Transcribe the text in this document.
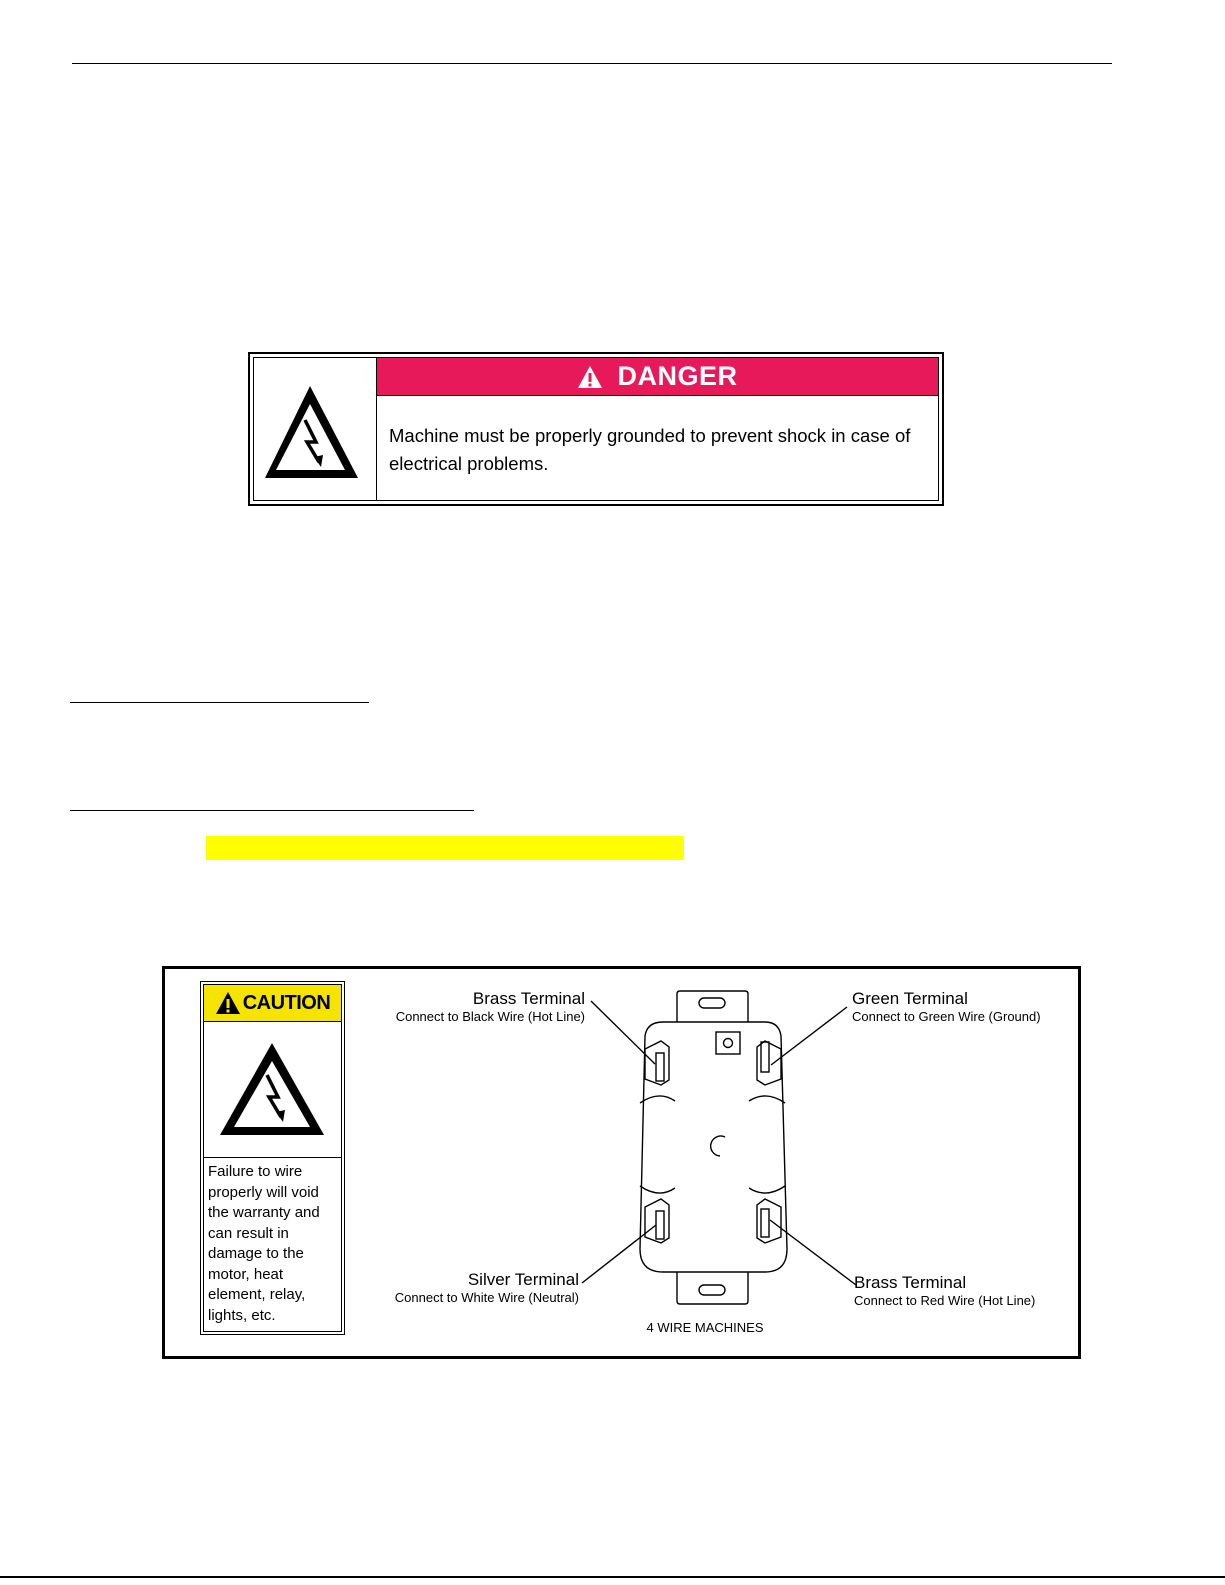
DANGER
Machine must be properly grounded to prevent shock in case of electrical problems.
CAUTION
Failure to wire properly will void the warranty and can result in damage to the motor, heat element, relay, lights, etc.
Brass Terminal
Connect to Black Wire (Hot Line)
Green Terminal
Connect to Green Wire (Ground)
Silver Terminal
Connect to White Wire (Neutral)
Brass Terminal
Connect to Red Wire (Hot Line)
4 WIRE MACHINES
